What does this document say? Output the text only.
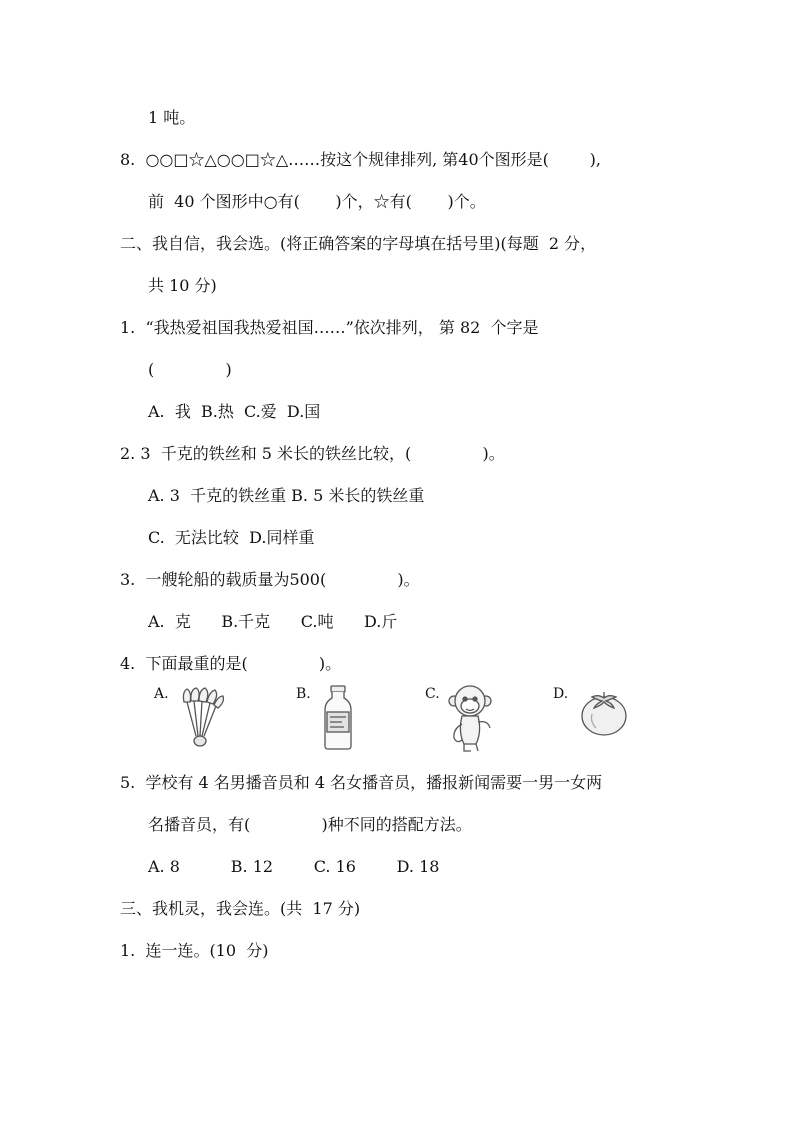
1 吨。
8.  ○○□☆△○○□☆△……按这个规律排列, 第40个图形是(        ),
前  40 个图形中○有(       )个，☆有(       )个。
二、我自信，我会选。(将正确答案的字母填在括号里)(每题  2 分，
共 10 分)
1.  “我热爱祖国我热爱祖国……”依次排列， 第 82  个字是
(              )
A.  我  B.热  C.爱  D.国
2. 3  千克的铁丝和 5 米长的铁丝比较，(              )。
A. 3  千克的铁丝重 B. 5 米长的铁丝重
C.  无法比较  D.同样重
3.  一艘轮船的载质量为500(              )。
A.  克      B.千克      C.吨      D.斤
4.  下面最重的是(              )。
A.	B.	C.	D.
5.  学校有 4 名男播音员和 4 名女播音员，播报新闻需要一男一女两
名播音员，有(              )种不同的搭配方法。
A. 8          B. 12        C. 16        D. 18
三、我机灵，我会连。(共  17 分)
1.  连一连。(10  分)
